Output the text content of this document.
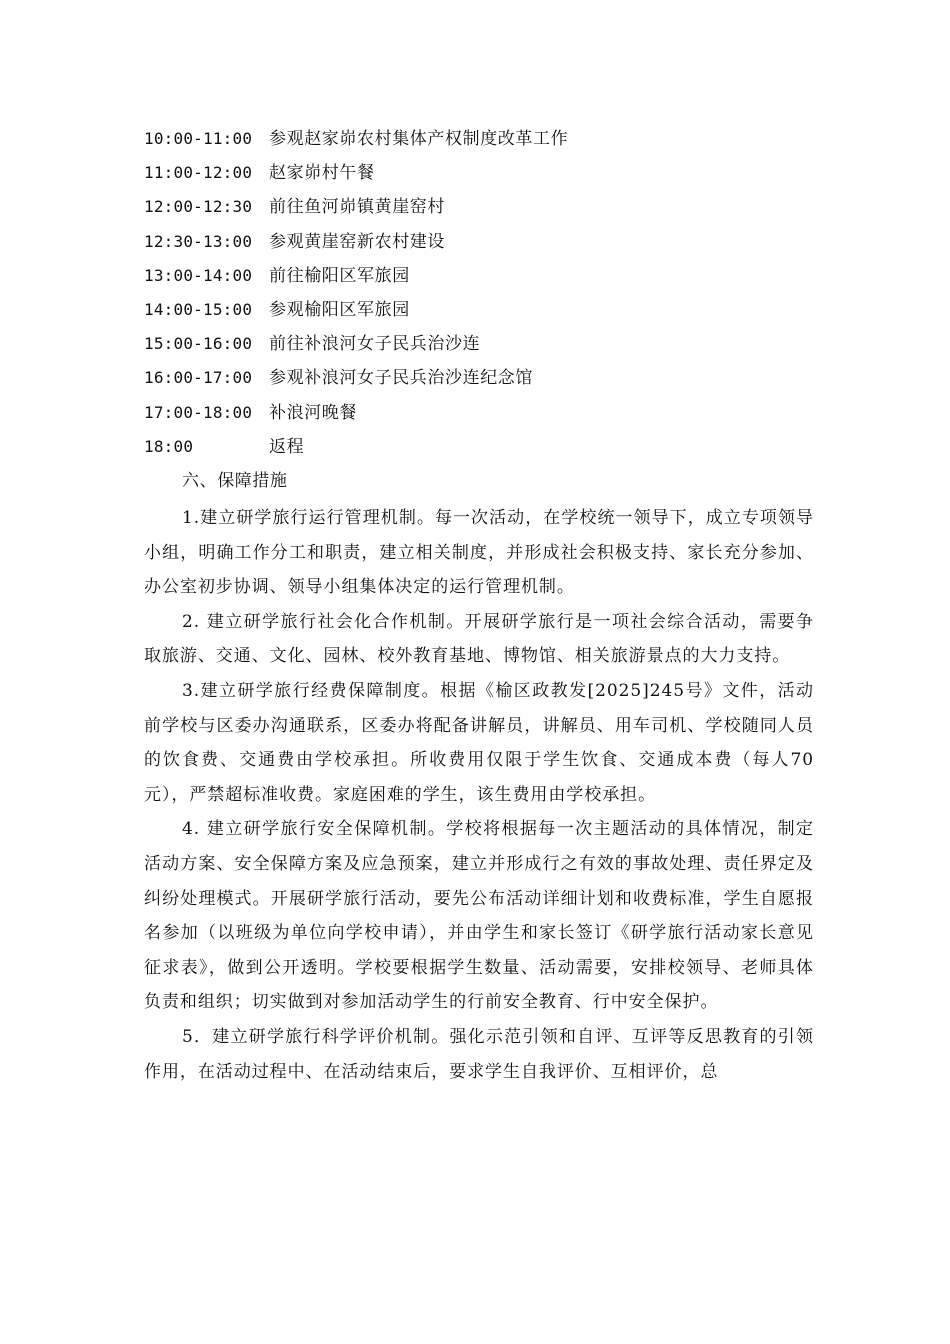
10:00-11:00 参观赵家峁农村集体产权制度改革工作
11:00-12:00 赵家峁村午餐
12:00-12:30 前往鱼河峁镇黄崖窑村
12:30-13:00 参观黄崖窑新农村建设
13:00-14:00 前往榆阳区军旅园
14:00-15:00 参观榆阳区军旅园
15:00-16:00 前往补浪河女子民兵治沙连
16:00-17:00 参观补浪河女子民兵治沙连纪念馆
17:00-18:00 补浪河晚餐
18:00	返程
六、保障措施

1.建立研学旅行运行管理机制。每一次活动，在学校统一领导下，成立专项领导小组，明确工作分工和职责，建立相关制度，并形成社会积极支持、家长充分参加、办公室初步协调、领导小组集体决定的运行管理机制。

2. 建立研学旅行社会化合作机制。开展研学旅行是一项社会综合活动，需要争取旅游、交通、文化、园林、校外教育基地、博物馆、相关旅游景点的大力支持。

3.建立研学旅行经费保障制度。根据《榆区政教发[2025]245号》文件，活动前学校与区委办沟通联系，区委办将配备讲解员，讲解员、用车司机、学校随同人员的饮食费、交通费由学校承担。所收费用仅限于学生饮食、交通成本费（每人70元），严禁超标准收费。家庭困难的学生，该生费用由学校承担。

4. 建立研学旅行安全保障机制。学校将根据每一次主题活动的具体情况，制定活动方案、安全保障方案及应急预案，建立并形成行之有效的事故处理、责任界定及纠纷处理模式。开展研学旅行活动，要先公布活动详细计划和收费标准，学生自愿报名参加（以班级为单位向学校申请），并由学生和家长签订《研学旅行活动家长意见征求表》，做到公开透明。学校要根据学生数量、活动需要，安排校领导、老师具体负责和组织；切实做到对参加活动学生的行前安全教育、行中安全保护。

5．建立研学旅行科学评价机制。强化示范引领和自评、互评等反思教育的引领作用，在活动过程中、在活动结束后，要求学生自我评价、互相评价，总
